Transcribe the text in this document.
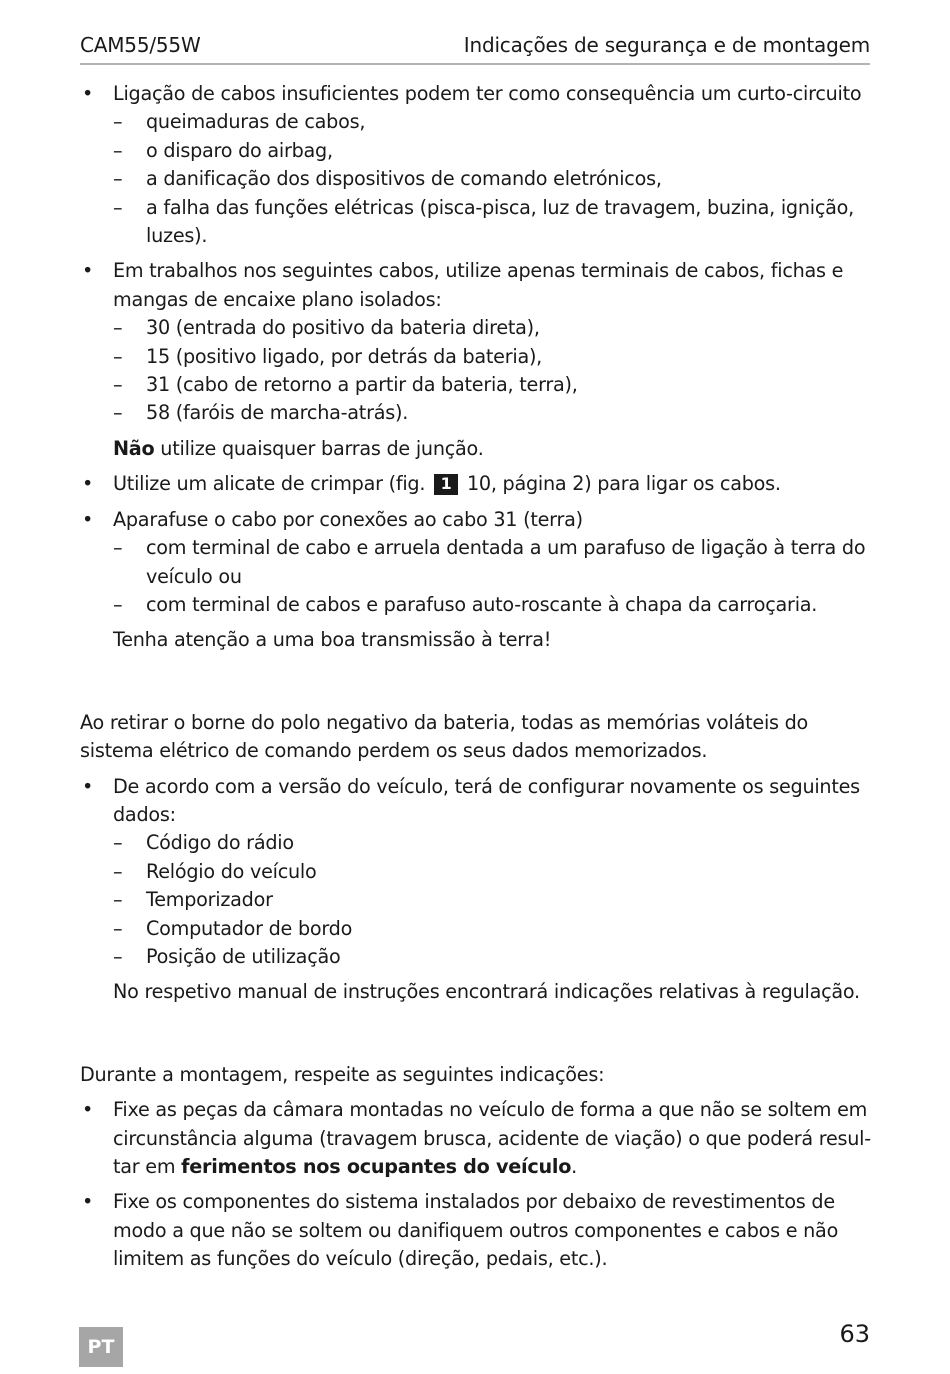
CAM55/55W	Indicações de segurança e de montagem
• Ligação de cabos insuficientes podem ter como consequência um curto-circuito
– queimaduras de cabos,
– o disparo do airbag,
– a danificação dos dispositivos de comando eletrónicos,
– a falha das funções elétricas (pisca-pisca, luz de travagem, buzina, ignição, luzes).
• Em trabalhos nos seguintes cabos, utilize apenas terminais de cabos, fichas e mangas de encaixe plano isolados:
– 30 (entrada do positivo da bateria direta),
– 15 (positivo ligado, por detrás da bateria),
– 31 (cabo de retorno a partir da bateria, terra),
– 58 (faróis de marcha-atrás).
Não utilize quaisquer barras de junção.
• Utilize um alicate de crimpar (fig. 1 10, página 2) para ligar os cabos.
• Aparafuse o cabo por conexões ao cabo 31 (terra)
– com terminal de cabo e arruela dentada a um parafuso de ligação à terra do veículo ou
– com terminal de cabos e parafuso auto-roscante à chapa da carroçaria.
Tenha atenção a uma boa transmissão à terra!

Ao retirar o borne do polo negativo da bateria, todas as memórias voláteis do sistema elétrico de comando perdem os seus dados memorizados.

• De acordo com a versão do veículo, terá de configurar novamente os seguintes dados:
– Código do rádio
– Relógio do veículo
– Temporizador
– Computador de bordo
– Posição de utilização
No respetivo manual de instruções encontrará indicações relativas à regulação.

Durante a montagem, respeite as seguintes indicações:

• Fixe as peças da câmara montadas no veículo de forma a que não se soltem em circunstância alguma (travagem brusca, acidente de viação) o que poderá resul-tar em ferimentos nos ocupantes do veículo.
• Fixe os componentes do sistema instalados por debaixo de revestimentos de modo a que não se soltem ou danifiquem outros componentes e cabos e não limitem as funções do veículo (direção, pedais, etc.).
PT	63
